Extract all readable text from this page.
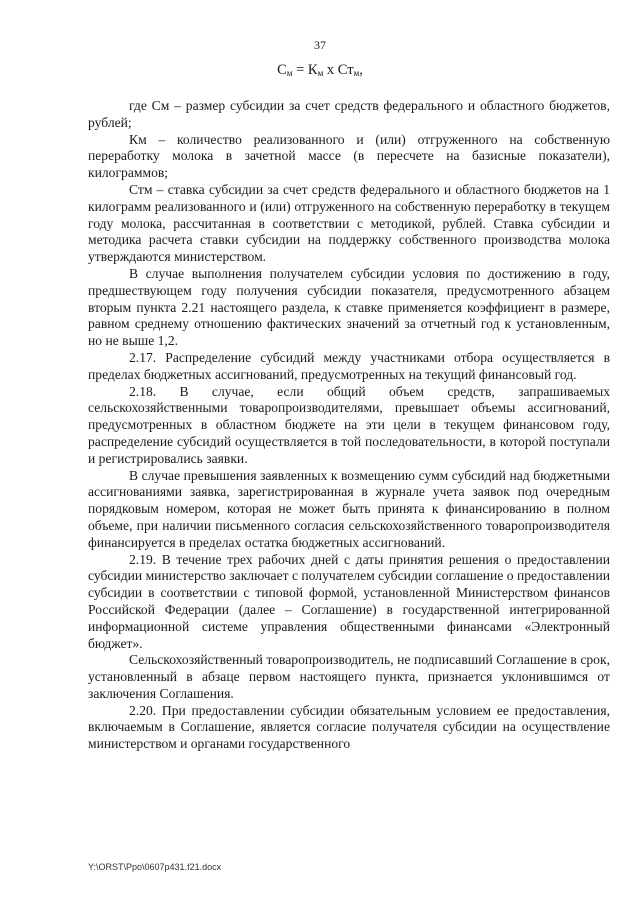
37
$С_м = К_м$ х $Ст_м$,

где См – размер субсидии за счет средств федерального и областного бюджетов, рублей;

Км – количество реализованного и (или) отгруженного на собственную переработку молока в зачетной массе (в пересчете на базисные показатели), килограммов;

Стм – ставка субсидии за счет средств федерального и областного бюджетов на 1 килограмм реализованного и (или) отгруженного на собственную переработку в текущем году молока, рассчитанная в соответствии с методикой, рублей. Ставка субсидии и методика расчета ставки субсидии на поддержку собственного производства молока утверждаются министерством.

В случае выполнения получателем субсидии условия по достижению в году, предшествующем году получения субсидии показателя, предусмотренного абзацем вторым пункта 2.21 настоящего раздела, к ставке применяется коэффициент в размере, равном среднему отношению фактических значений за отчетный год к установленным, но не выше 1,2.

2.17. Распределение субсидий между участниками отбора осуществляется в пределах бюджетных ассигнований, предусмотренных на текущий финансовый год.

2.18. В случае, если общий объем средств, запрашиваемых сельскохозяйственными товаропроизводителями, превышает объемы ассигнований, предусмотренных в областном бюджете на эти цели в текущем финансовом году, распределение субсидий осуществляется в той последовательности, в которой поступали и регистрировались заявки.

В случае превышения заявленных к возмещению сумм субсидий над бюджетными ассигнованиями заявка, зарегистрированная в журнале учета заявок под очередным порядковым номером, которая не может быть принята к финансированию в полном объеме, при наличии письменного согласия сельскохозяйственного товаропроизводителя финансируется в пределах остатка бюджетных ассигнований.

2.19. В течение трех рабочих дней с даты принятия решения о предоставлении субсидии министерство заключает с получателем субсидии соглашение о предоставлении субсидии в соответствии с типовой формой, установленной Министерством финансов Российской Федерации (далее – Соглашение) в государственной интегрированной информационной системе управления общественными финансами «Электронный бюджет».

Сельскохозяйственный товаропроизводитель, не подписавший Соглашение в срок, установленный в абзаце первом настоящего пункта, признается уклонившимся от заключения Соглашения.

2.20. При предоставлении субсидии обязательным условием ее предоставления, включаемым в Соглашение, является согласие получателя субсидии на осуществление министерством и органами государственного

Y:\ORST\Ppo\0607p431.f21.docx
